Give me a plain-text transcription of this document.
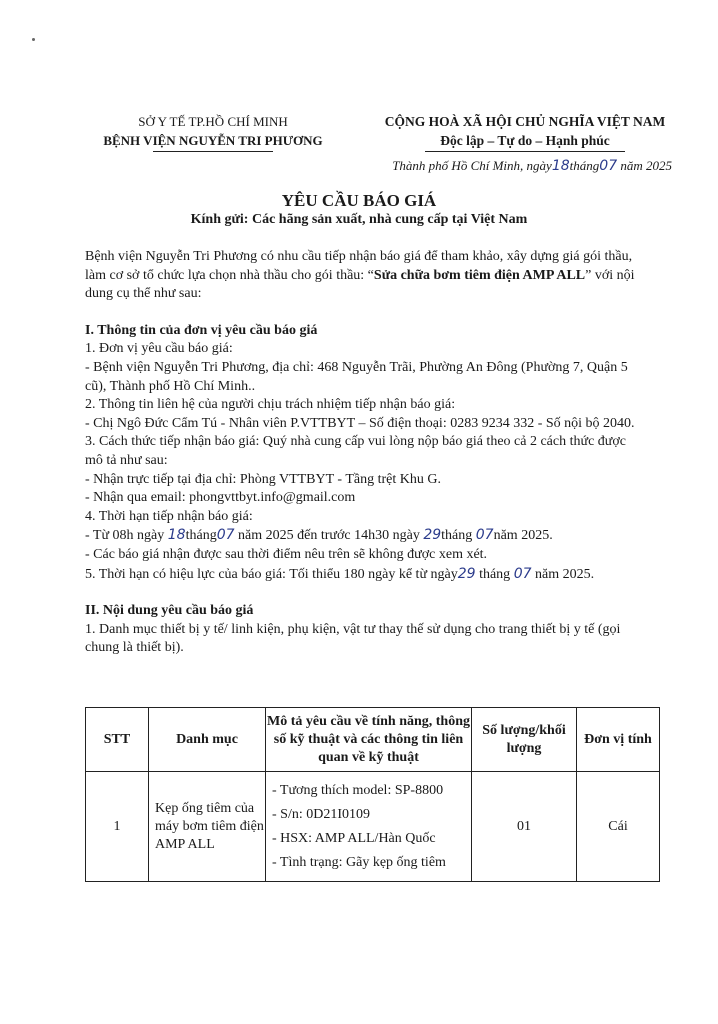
SỞ Y TẾ TP.HỒ CHÍ MINH
BỆNH VIỆN NGUYỄN TRI PHƯƠNG
CỘNG HOÀ XÃ HỘI CHỦ NGHĨA VIỆT NAM
Độc lập – Tự do – Hạnh phúc
Thành phố Hồ Chí Minh, ngày18tháng07 năm 2025
YÊU CẦU BÁO GIÁ
Kính gửi: Các hãng sản xuất, nhà cung cấp tại Việt Nam

Bệnh viện Nguyễn Tri Phương có nhu cầu tiếp nhận báo giá để tham khảo, xây dựng giá gói thầu, làm cơ sở tổ chức lựa chọn nhà thầu cho gói thầu: “Sửa chữa bơm tiêm điện AMP ALL” với nội dung cụ thể như sau:

I. Thông tin của đơn vị yêu cầu báo giá

1. Đơn vị yêu cầu báo giá:

- Bệnh viện Nguyễn Tri Phương, địa chỉ: 468 Nguyễn Trãi, Phường An Đông (Phường 7, Quận 5 cũ), Thành phố Hồ Chí Minh..

2. Thông tin liên hệ của người chịu trách nhiệm tiếp nhận báo giá:

- Chị Ngô Đức Cẩm Tú - Nhân viên P.VTTBYT – Số điện thoại: 0283 9234 332 - Số nội bộ 2040.

3. Cách thức tiếp nhận báo giá: Quý nhà cung cấp vui lòng nộp báo giá theo cả 2 cách thức được mô tả như sau:

- Nhận trực tiếp tại địa chỉ: Phòng VTTBYT - Tầng trệt Khu G.

- Nhận qua email: phongvttbyt.info@gmail.com

4. Thời hạn tiếp nhận báo giá:

- Từ 08h ngày 18tháng07 năm 2025 đến trước 14h30 ngày 29tháng 07năm 2025.

- Các báo giá nhận được sau thời điểm nêu trên sẽ không được xem xét.

5. Thời hạn có hiệu lực của báo giá: Tối thiểu 180 ngày kể từ ngày29 tháng 07 năm 2025.

II. Nội dung yêu cầu báo giá

1. Danh mục thiết bị y tế/ linh kiện, phụ kiện, vật tư thay thế sử dụng cho trang thiết bị y tế (gọi chung là thiết bị).

STT	Danh mục	Mô tả yêu cầu về tính năng, thông số kỹ thuật và các thông tin liên quan về kỹ thuật	Số lượng/khối lượng	Đơn vị tính
1	Kẹp ống tiêm của máy bơm tiêm điện AMP ALL	- Tương thích model: SP-8800
- S/n: 0D21I0109
- HSX: AMP ALL/Hàn Quốc
- Tình trạng: Gãy kẹp ống tiêm	01	Cái
